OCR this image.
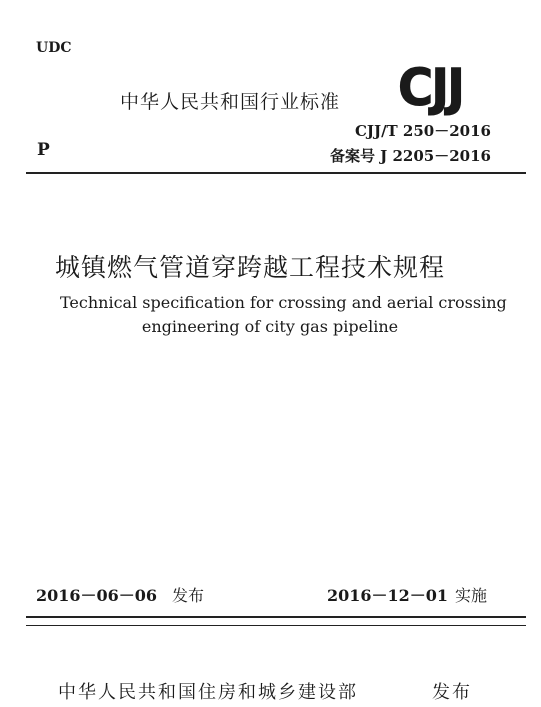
UDC
中华人民共和国行业标准 CJJ
P
CJJ/T 250－2016
备案号 J 2205－2016
城镇燃气管道穿跨越工程技术规程
Technical specification for crossing and aerial crossing
engineering of city gas pipeline
2016－06－06 发布	2016－12－01 实施
中华人民共和国住房和城乡建设部	发布
